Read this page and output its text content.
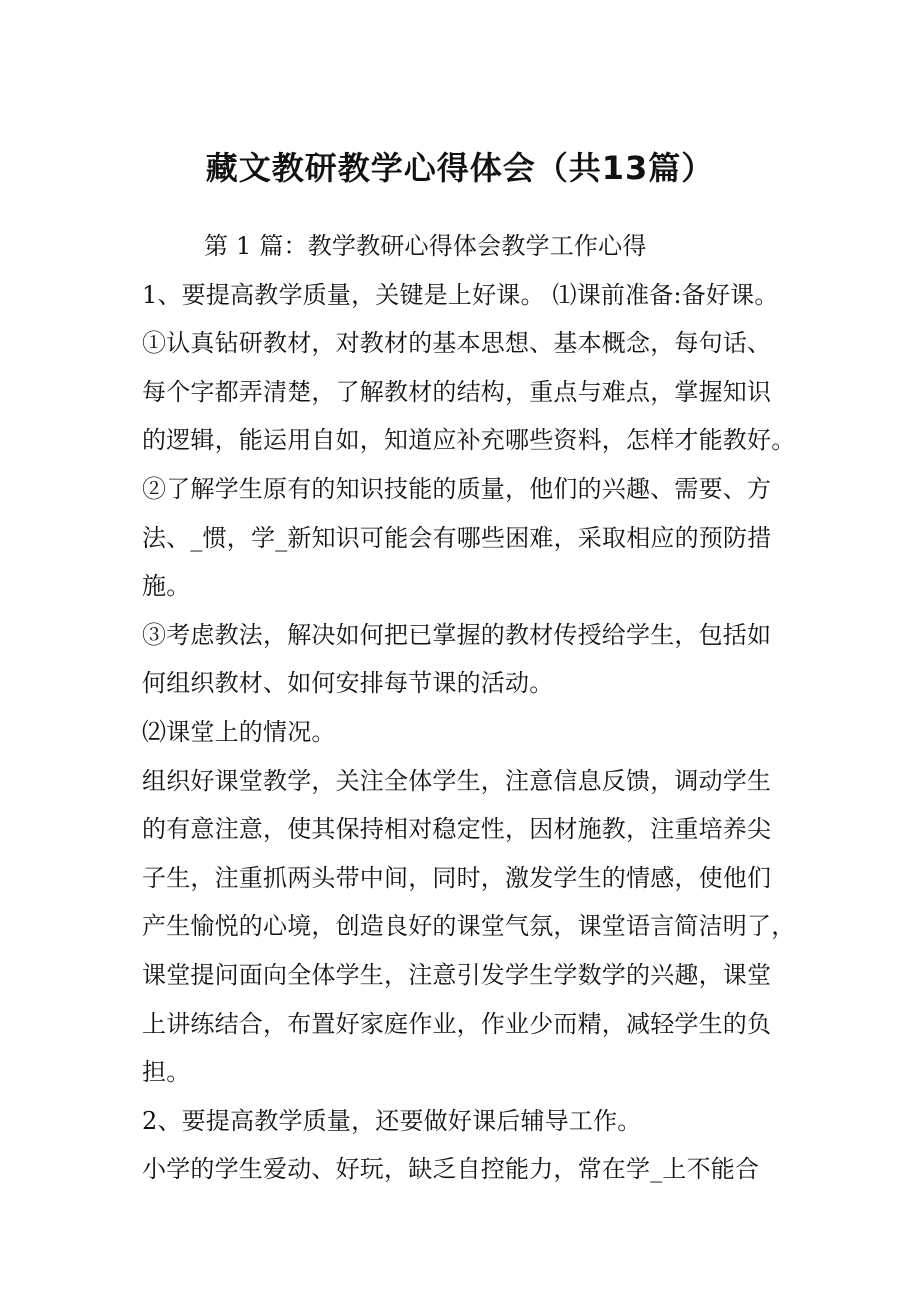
藏文教研教学心得体会（共13篇）

第 1 篇：教学教研心得体会教学工作心得

1、要提高教学质量，关键是上好课。 ⑴课前准备:备好课。

①认真钻研教材，对教材的基本思想、基本概念，每句话、

每个字都弄清楚，了解教材的结构，重点与难点，掌握知识

的逻辑，能运用自如，知道应补充哪些资料，怎样才能教好。

②了解学生原有的知识技能的质量，他们的兴趣、需要、方

法、_惯，学_新知识可能会有哪些困难，采取相应的预防措

施。

③考虑教法，解决如何把已掌握的教材传授给学生，包括如

何组织教材、如何安排每节课的活动。

⑵课堂上的情况。

组织好课堂教学，关注全体学生，注意信息反馈，调动学生

的有意注意，使其保持相对稳定性，因材施教，注重培养尖

子生，注重抓两头带中间，同时，激发学生的情感，使他们

产生愉悦的心境，创造良好的课堂气氛，课堂语言简洁明了，

课堂提问面向全体学生，注意引发学生学数学的兴趣，课堂

上讲练结合，布置好家庭作业，作业少而精，减轻学生的负

担。

2、要提高教学质量，还要做好课后辅导工作。

小学的学生爱动、好玩，缺乏自控能力，常在学_上不能合
